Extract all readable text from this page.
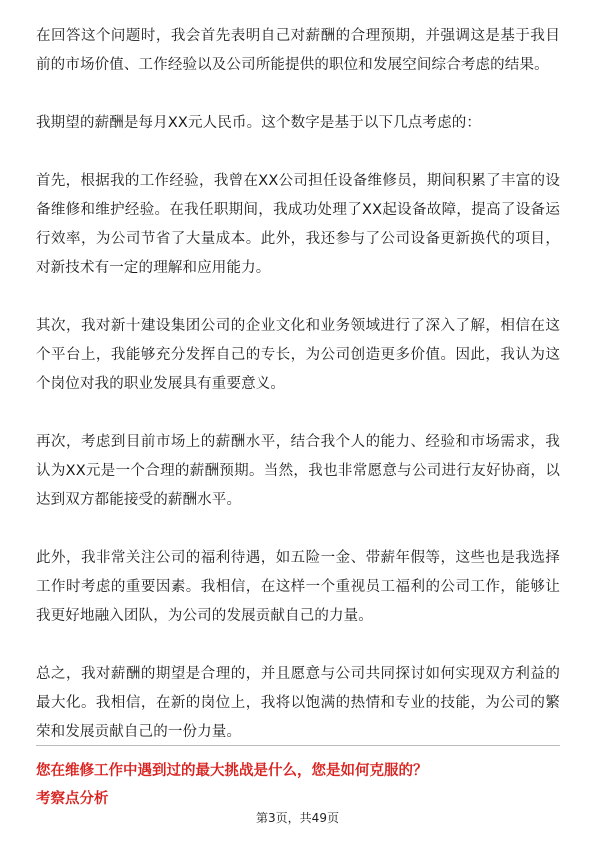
在回答这个问题时，我会首先表明自己对薪酬的合理预期，并强调这是基于我目前的市场价值、工作经验以及公司所能提供的职位和发展空间综合考虑的结果。

我期望的薪酬是每月XX元人民币。这个数字是基于以下几点考虑的：

首先，根据我的工作经验，我曾在XX公司担任设备维修员，期间积累了丰富的设备维修和维护经验。在我任职期间，我成功处理了XX起设备故障，提高了设备运行效率，为公司节省了大量成本。此外，我还参与了公司设备更新换代的项目，对新技术有一定的理解和应用能力。

其次，我对新十建设集团公司的企业文化和业务领域进行了深入了解，相信在这个平台上，我能够充分发挥自己的专长，为公司创造更多价值。因此，我认为这个岗位对我的职业发展具有重要意义。

再次，考虑到目前市场上的薪酬水平，结合我个人的能力、经验和市场需求，我认为XX元是一个合理的薪酬预期。当然，我也非常愿意与公司进行友好协商，以达到双方都能接受的薪酬水平。

此外，我非常关注公司的福利待遇，如五险一金、带薪年假等，这些也是我选择工作时考虑的重要因素。我相信，在这样一个重视员工福利的公司工作，能够让我更好地融入团队，为公司的发展贡献自己的力量。

总之，我对薪酬的期望是合理的，并且愿意与公司共同探讨如何实现双方利益的最大化。我相信，在新的岗位上，我将以饱满的热情和专业的技能，为公司的繁荣和发展贡献自己的一份力量。

您在维修工作中遇到过的最大挑战是什么，您是如何克服的？

考察点分析

第3页，共49页
